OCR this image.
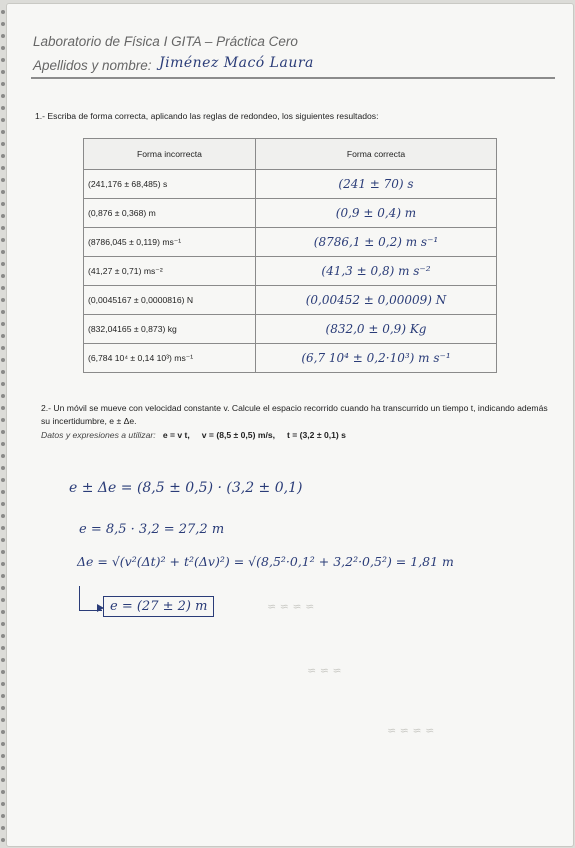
Laboratorio de Física I GITA – Práctica Cero
Apellidos y nombre: Jiménez Macó Laura
1.- Escriba de forma correcta, aplicando las reglas de redondeo, los siguientes resultados:
Forma incorrecta	Forma correcta
(241,176 ± 68,485) s	(241 ± 70) s
(0,876 ± 0,368) m	(0,9 ± 0,4) m
(8786,045 ± 0,119) ms⁻¹	(8786,1 ± 0,2) m s⁻¹
(41,27 ± 0,71) ms⁻²	(41,3 ± 0,8) m s⁻²
(0,0045167 ± 0,0000816) N	(0,00452 ± 0,00009) N
(832,04165 ± 0,873) kg	(832,0 ± 0,9) Kg
(6,784 10⁴ ± 0,14 10³) ms⁻¹	(6,7 10⁴ ± 0,2·10³) m s⁻¹
2.- Un móvil se mueve con velocidad constante v. Calcule el espacio recorrido cuando ha transcurrido un tiempo t, indicando además su incertidumbre, e ± Δe.
Datos y expresiones a utilizar: e = v t, v = (8,5 ± 0,5) m/s, t = (3,2 ± 0,1) s
e ± Δe = (8,5 ± 0,5) · (3,2 ± 0,1)
e = 8,5 · 3,2 = 27,2 m
Δe = √(v²(Δt)² + t²(Δv)²) = √(8,5²·0,1² + 3,2²·0,5²) = 1,81 m
e = (27 ± 2) m	≈ ≈ ≈ ≈
≈ ≈ ≈
≈ ≈ ≈ ≈
